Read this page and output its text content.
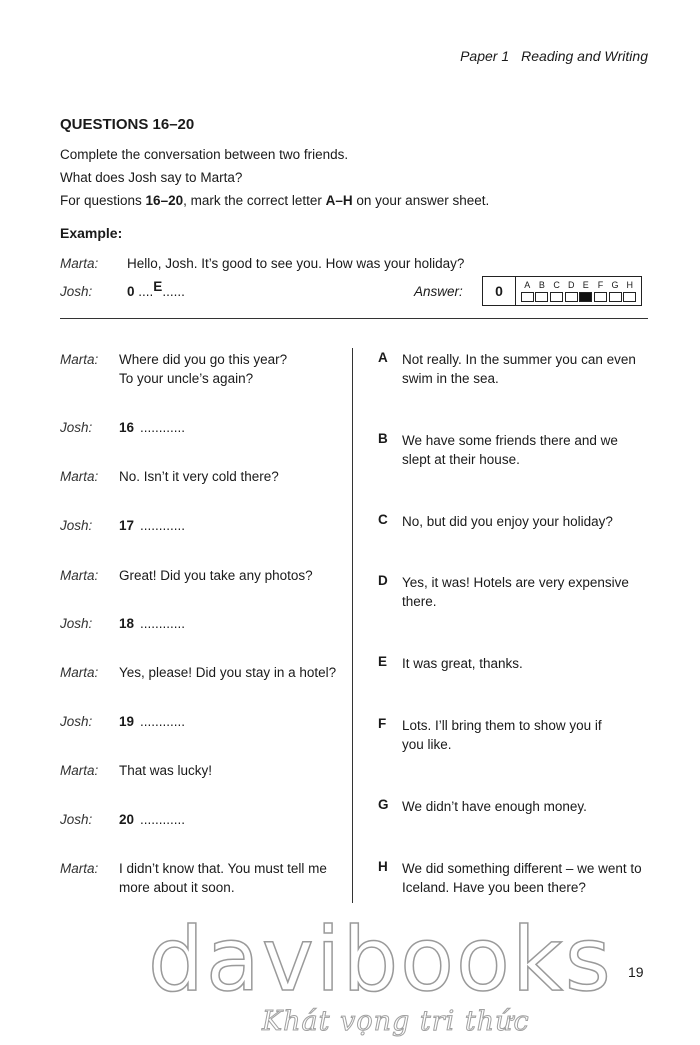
Paper 1 Reading and Writing
QUESTIONS 16–20
Complete the conversation between two friends.
What does Josh say to Marta?
For questions 16–20, mark the correct letter A–H on your answer sheet.
Example:
Marta: Hello, Josh. It’s good to see you. How was your holiday?
Josh:	0 ....E......	Answer:	0	A B C D E F G H
Marta: Where did you go this year?
To your uncle’s again?
Josh: 16 ............
Marta: No. Isn’t it very cold there?
Josh: 17 ............
Marta: Great! Did you take any photos?
Josh: 18 ............
Marta: Yes, please! Did you stay in a hotel?
Josh: 19 ............
Marta: That was lucky!
Josh: 20 ............
Marta: I didn’t know that. You must tell me
more about it soon.
A Not really. In the summer you can even
swim in the sea.
B We have some friends there and we
slept at their house.
C No, but did you enjoy your holiday?
D Yes, it was! Hotels are very expensive
there.
E It was great, thanks.
F Lots. I’ll bring them to show you if
you like.
G We didn’t have enough money.
H We did something different – we went to
Iceland. Have you been there?
19
davibooks
Khát vọng tri thức
